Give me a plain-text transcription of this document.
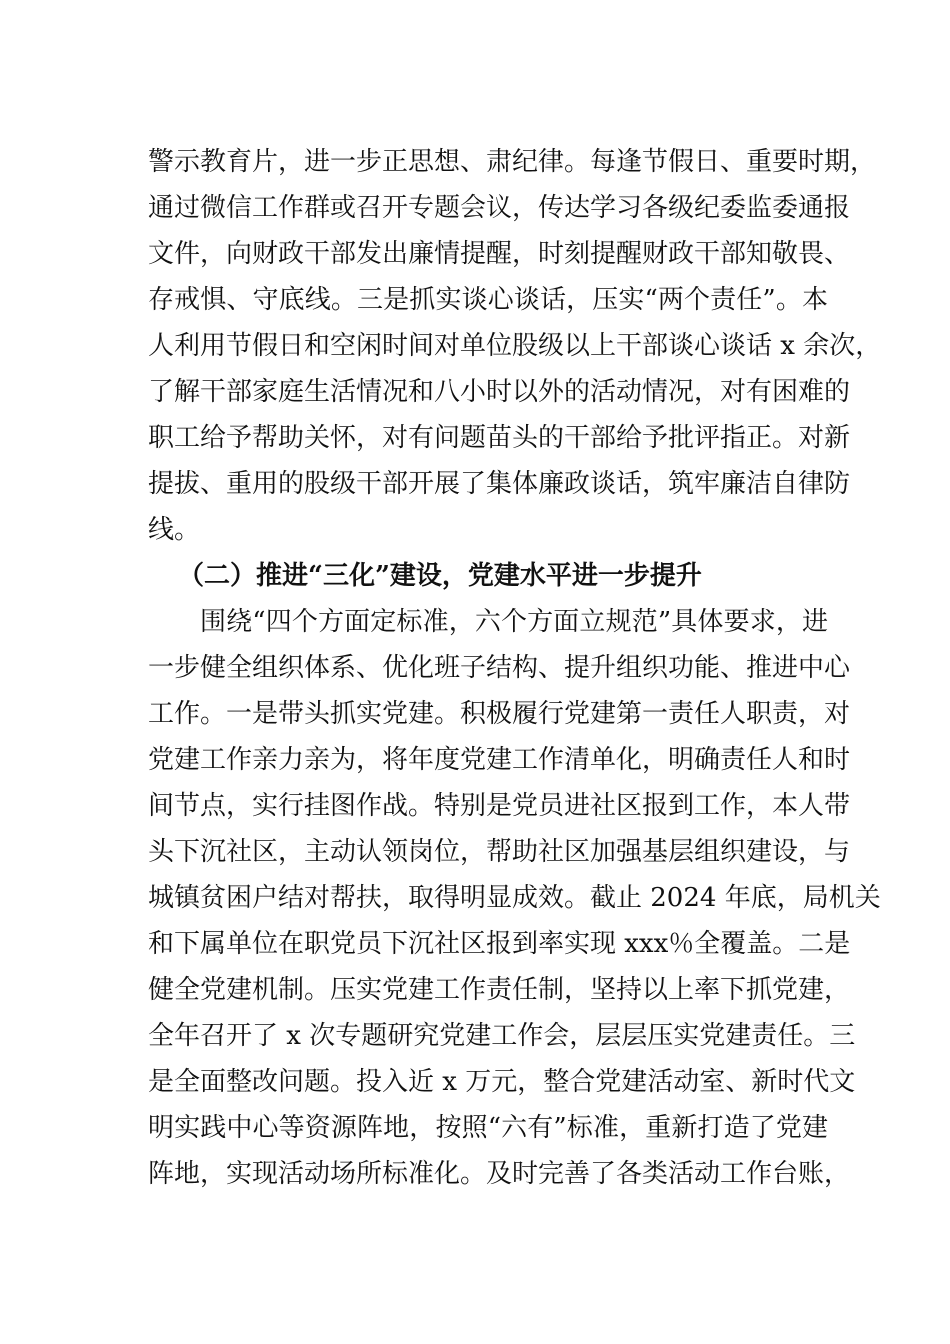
警示教育片，进一步正思想、肃纪律。每逢节假日、重要时期，
通过微信工作群或召开专题会议，传达学习各级纪委监委通报
文件，向财政干部发出廉情提醒，时刻提醒财政干部知敬畏、
存戒惧、守底线。三是抓实谈心谈话，压实“两个责任”。本
人利用节假日和空闲时间对单位股级以上干部谈心谈话 x 余次，
了解干部家庭生活情况和八小时以外的活动情况，对有困难的
职工给予帮助关怀，对有问题苗头的干部给予批评指正。对新
提拔、重用的股级干部开展了集体廉政谈话，筑牢廉洁自律防
线。
（二）推进“三化”建设，党建水平进一步提升
围绕“四个方面定标准，六个方面立规范”具体要求，进
一步健全组织体系、优化班子结构、提升组织功能、推进中心
工作。一是带头抓实党建。积极履行党建第一责任人职责，对
党建工作亲力亲为，将年度党建工作清单化，明确责任人和时
间节点，实行挂图作战。特别是党员进社区报到工作，本人带
头下沉社区，主动认领岗位，帮助社区加强基层组织建设，与
城镇贫困户结对帮扶，取得明显成效。截止 2024 年底，局机关
和下属单位在职党员下沉社区报到率实现 xxx％全覆盖。二是
健全党建机制。压实党建工作责任制，坚持以上率下抓党建，
全年召开了 x 次专题研究党建工作会，层层压实党建责任。三
是全面整改问题。投入近 x 万元，整合党建活动室、新时代文
明实践中心等资源阵地，按照“六有”标准，重新打造了党建
阵地，实现活动场所标准化。及时完善了各类活动工作台账，
